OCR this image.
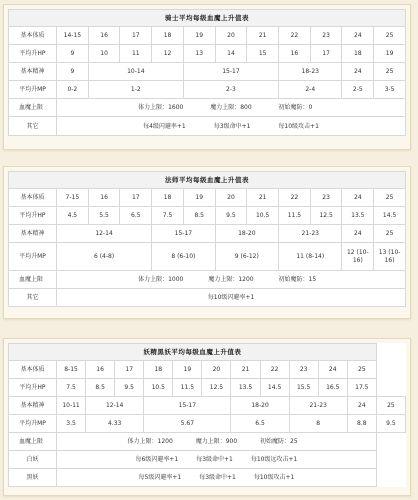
骑士平均每级血魔上升值表											
基本体质	14-15	16	17	18	19	20	21	22	23	24	25
平均升HP	9	10	11	12	13	14	15	16	17	18	19
基本精神	9	10-14			15-17			18-23		24	25
平均升MP	0-2	1-2			2-3			2-4		2-5	3-5
血魔上限	体力上限：1600				魔力上限：800			初始魔防：0			
其它	每4级闪避率+1 每3级命中+1 每10级攻击+1										
法师平均每级血魔上升值表											
基本体质	7-15	16	17	18	19	20	21	22	23	24	25
平均升HP	4.5	5.5	6.5	7.5	8.5	9.5	10.5	11.5	12.5	13.5	14.5
基本精神	12-14			15-17		18-20		21-23		24	25
平均升MP	6 (4-8)			8 (6-10)		9 (6-12)		11 (8-14)		12 (10-16)	13 (10-16)
血魔上限	体力上限：1000				魔力上限：1200			初始魔防：15			
其它	每10级闪避率+1										
妖精黑妖平均每级血魔上升值表												
基本体质	8-15	16	17	18	19	20	21	22	23	24	25	
平均升HP	7.5	8.5	9.5	10.5	11.5	12.5	13.5	14.5	15.5	16.5	17.5	
基本精神	10-11	12-14		15-17			18-20		21-23		24	25
平均升MP	3.5	4.33		5.67			6.5		8		8.8	9.5
血魔上限	体力上限：1200				魔力上限：900			初始魔防：25				
白妖	每6级闪避率+1 每3级命中+1 每10级远攻击+1											
黑妖	每5级闪避率+1 每3级命中+1 每10级攻击+1											
